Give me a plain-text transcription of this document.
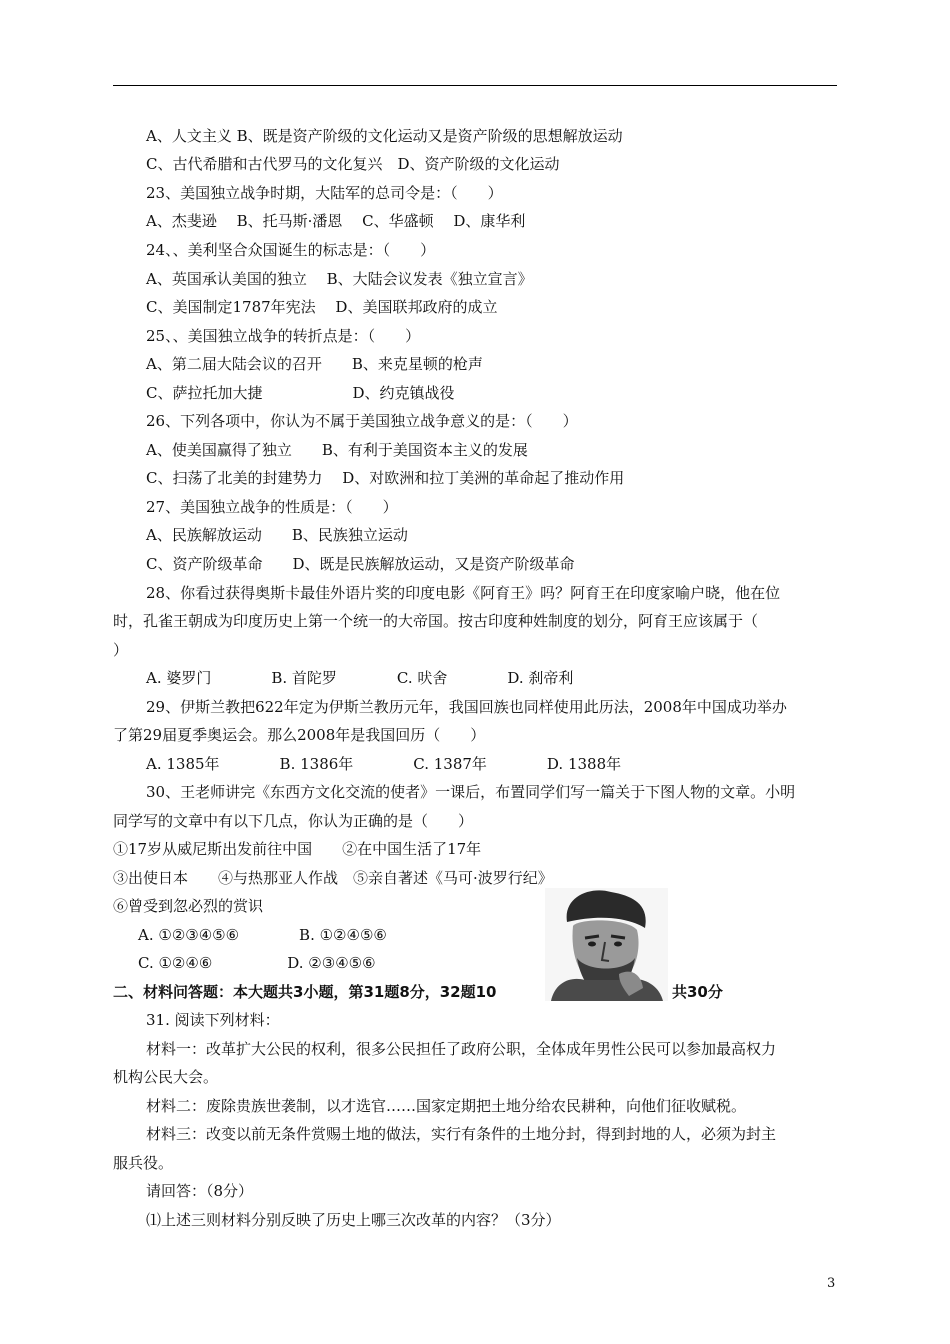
A、人文主义 B、既是资产阶级的文化运动又是资产阶级的思想解放运动
C、古代希腊和古代罗马的文化复兴　D、资产阶级的文化运动
23、美国独立战争时期，大陆军的总司令是：（　　）
A、杰斐逊　 B、托马斯·潘恩　 C、华盛顿　 D、康华利
24、、美利坚合众国诞生的标志是：（　　）
A、英国承认美国的独立　 B、大陆会议发表《独立宣言》
C、美国制定1787年宪法　 D、美国联邦政府的成立
25、、美国独立战争的转折点是：（　　）
A、第二届大陆会议的召开　　B、来克星顿的枪声
C、萨拉托加大捷　　　　　　D、约克镇战役
26、下列各项中，你认为不属于美国独立战争意义的是：（　　）
A、使美国赢得了独立　　B、有利于美国资本主义的发展
C、扫荡了北美的封建势力　 D、对欧洲和拉丁美洲的革命起了推动作用
27、美国独立战争的性质是：（　　）
A、民族解放运动　　B、民族独立运动
C、资产阶级革命　　D、既是民族解放运动，又是资产阶级革命
28、你看过获得奥斯卡最佳外语片奖的印度电影《阿育王》吗？阿育王在印度家喻户晓，他在位
时，孔雀王朝成为印度历史上第一个统一的大帝国。按古印度种姓制度的划分，阿育王应该属于（
）
A. 婆罗门　　　　B. 首陀罗　　　　C. 吠舍　　　　D. 刹帝利
29、伊斯兰教把622年定为伊斯兰教历元年，我国回族也同样使用此历法，2008年中国成功举办
了第29届夏季奥运会。那么2008年是我国回历（　　）
A. 1385年　　　　B. 1386年　　　　C. 1387年　　　　D. 1388年
30、王老师讲完《东西方文化交流的使者》一课后，布置同学们写一篇关于下图人物的文章。小明
同学写的文章中有以下几点，你认为正确的是（　　）
①17岁从威尼斯出发前往中国　　②在中国生活了17年
③出使日本　　④与热那亚人作战　⑤亲自著述《马可·波罗行纪》
⑥曾受到忽必烈的赏识
A. ①②③④⑤⑥　　　　B. ①②④⑤⑥
C. ①②④⑥　　　　　D. ②③④⑤⑥
二、材料问答题：本大题共3小题，第31题8分，32题10	共30分
31. 阅读下列材料：
材料一：改革扩大公民的权利，很多公民担任了政府公职，全体成年男性公民可以参加最高权力
机构公民大会。
材料二：废除贵族世袭制，以才选官……国家定期把土地分给农民耕种，向他们征收赋税。
材料三：改变以前无条件赏赐土地的做法，实行有条件的土地分封，得到封地的人，必须为封主
服兵役。
请回答：（8分）
⑴上述三则材料分别反映了历史上哪三次改革的内容？（3分）
3
